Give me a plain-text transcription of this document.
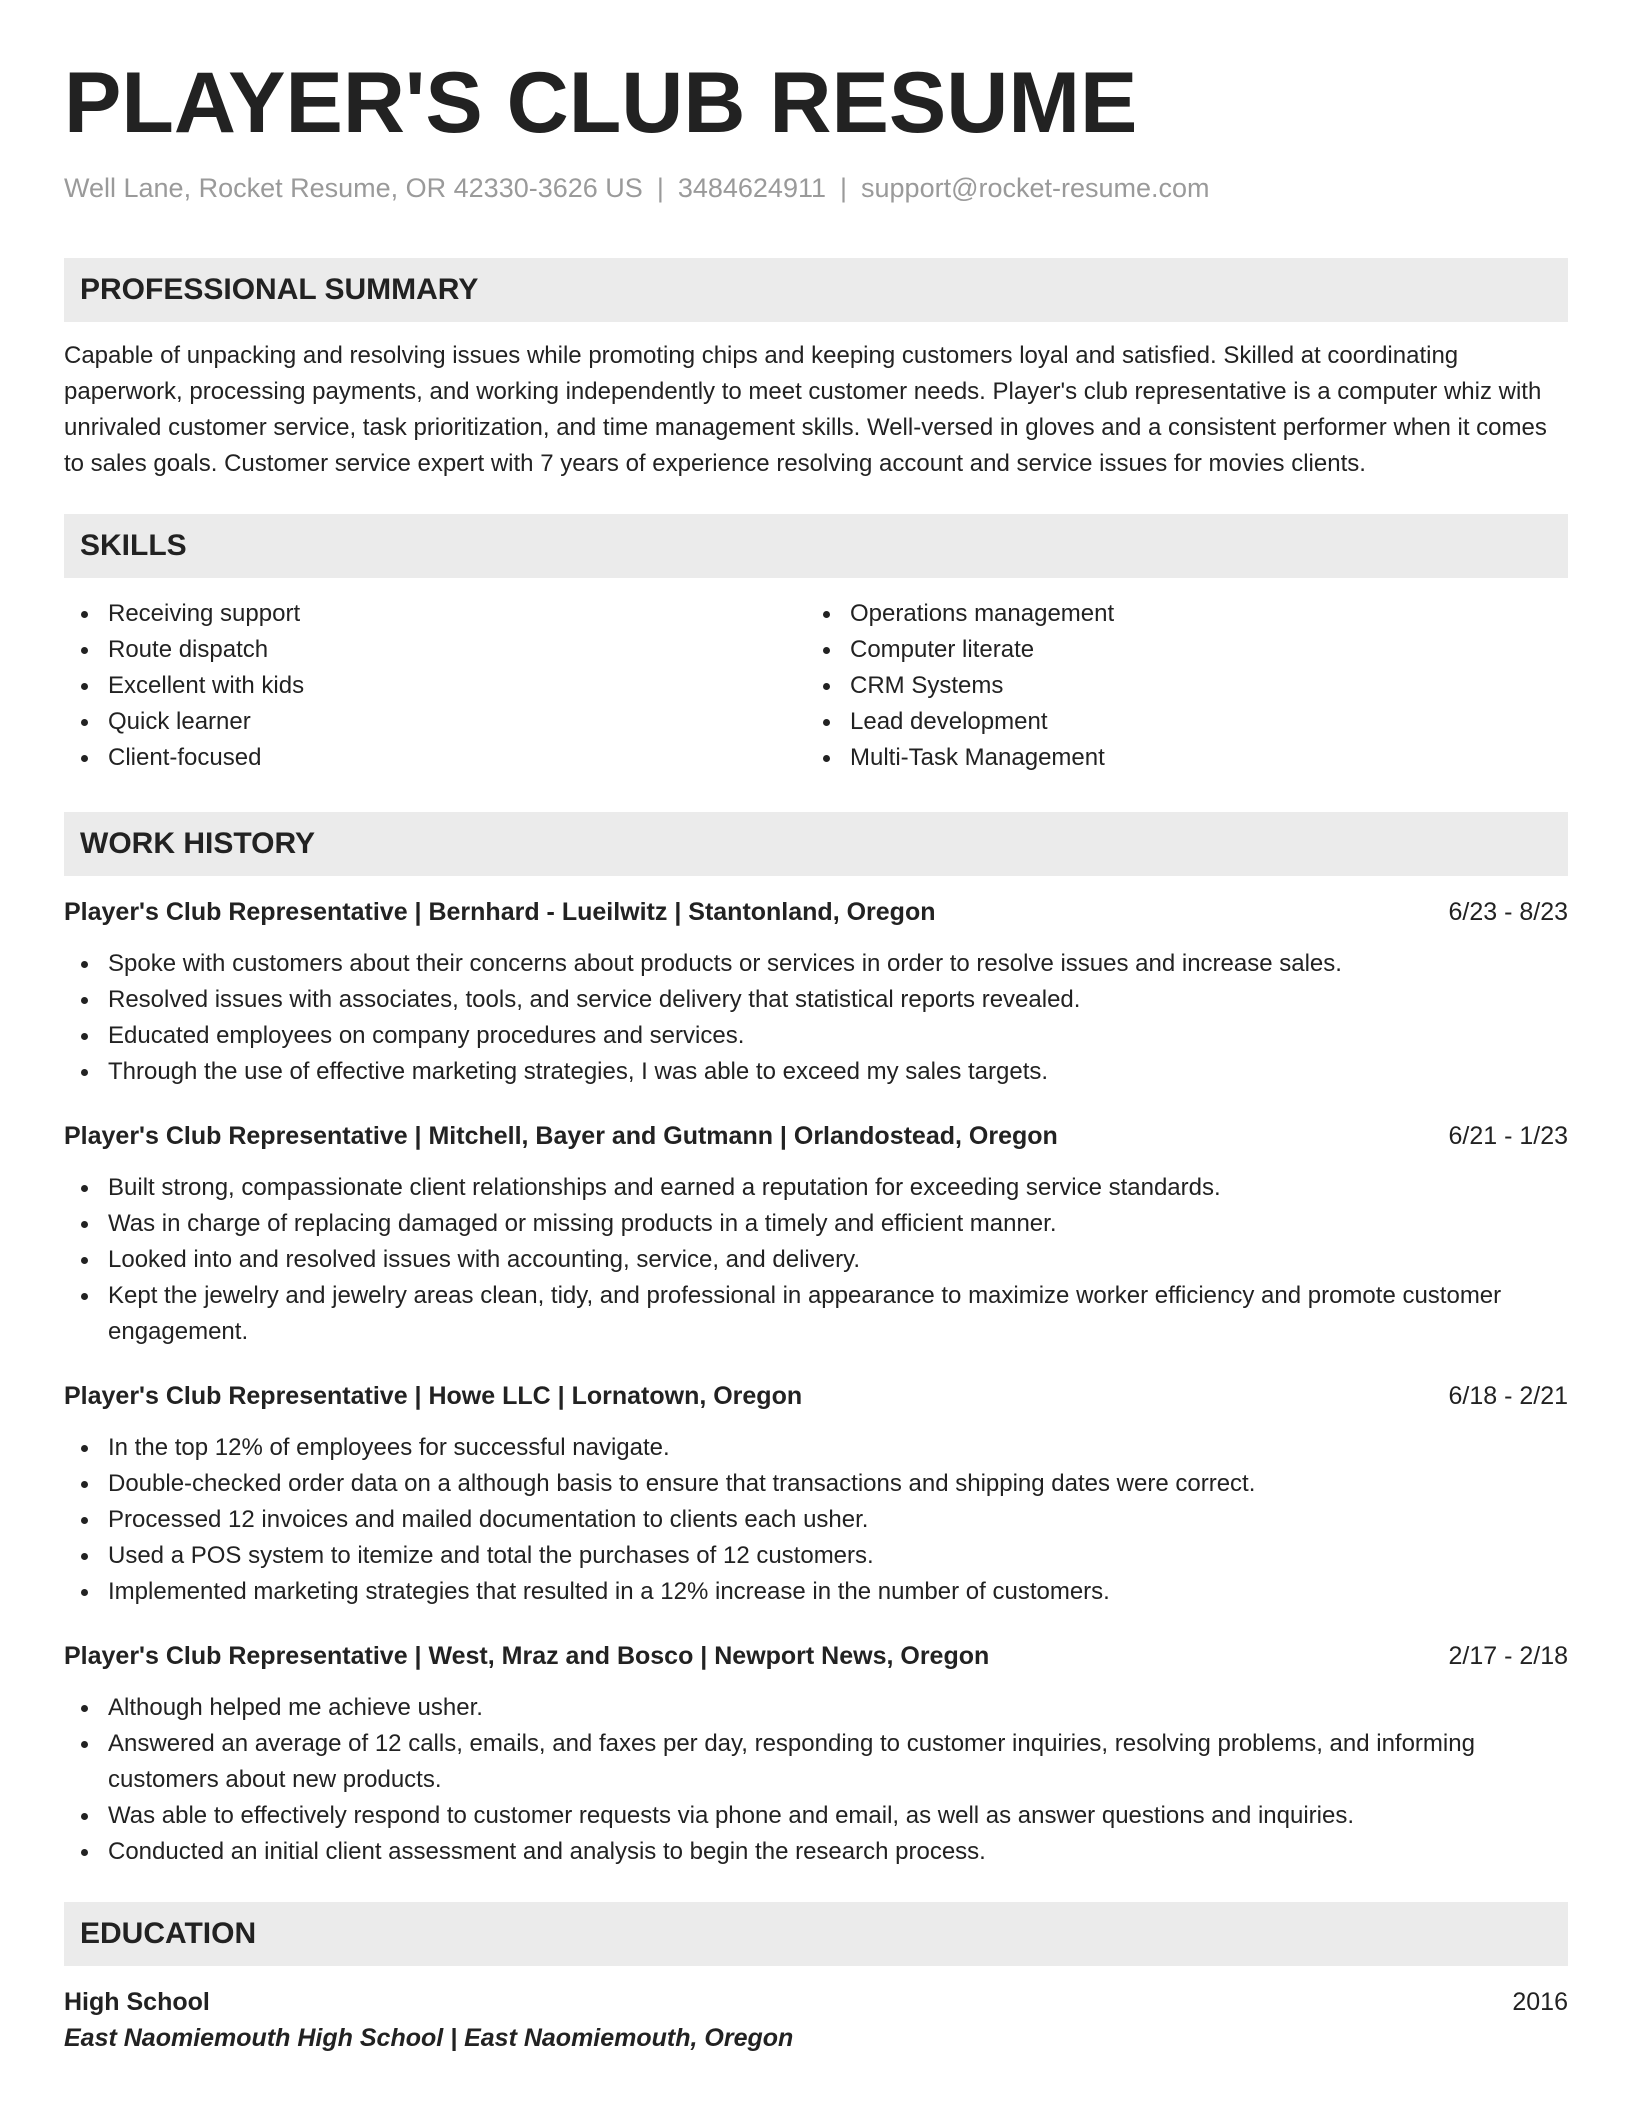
PLAYER'S CLUB RESUME
Well Lane, Rocket Resume, OR 42330-3626 US | 3484624911 | support@rocket-resume.com
PROFESSIONAL SUMMARY
Capable of unpacking and resolving issues while promoting chips and keeping customers loyal and satisfied. Skilled at coordinating paperwork, processing payments, and working independently to meet customer needs. Player's club representative is a computer whiz with unrivaled customer service, task prioritization, and time management skills. Well-versed in gloves and a consistent performer when it comes to sales goals. Customer service expert with 7 years of experience resolving account and service issues for movies clients.
SKILLS
Receiving support
Route dispatch
Excellent with kids
Quick learner
Client-focused
Operations management
Computer literate
CRM Systems
Lead development
Multi-Task Management
WORK HISTORY
Player's Club Representative | Bernhard - Lueilwitz | Stantonland, Oregon	6/23 - 8/23
Spoke with customers about their concerns about products or services in order to resolve issues and increase sales.
Resolved issues with associates, tools, and service delivery that statistical reports revealed.
Educated employees on company procedures and services.
Through the use of effective marketing strategies, I was able to exceed my sales targets.
Player's Club Representative | Mitchell, Bayer and Gutmann | Orlandostead, Oregon	6/21 - 1/23
Built strong, compassionate client relationships and earned a reputation for exceeding service standards.
Was in charge of replacing damaged or missing products in a timely and efficient manner.
Looked into and resolved issues with accounting, service, and delivery.
Kept the jewelry and jewelry areas clean, tidy, and professional in appearance to maximize worker efficiency and promote customer engagement.
Player's Club Representative | Howe LLC | Lornatown, Oregon	6/18 - 2/21
In the top 12% of employees for successful navigate.
Double-checked order data on a although basis to ensure that transactions and shipping dates were correct.
Processed 12 invoices and mailed documentation to clients each usher.
Used a POS system to itemize and total the purchases of 12 customers.
Implemented marketing strategies that resulted in a 12% increase in the number of customers.
Player's Club Representative | West, Mraz and Bosco | Newport News, Oregon	2/17 - 2/18
Although helped me achieve usher.
Answered an average of 12 calls, emails, and faxes per day, responding to customer inquiries, resolving problems, and informing customers about new products.
Was able to effectively respond to customer requests via phone and email, as well as answer questions and inquiries.
Conducted an initial client assessment and analysis to begin the research process.
EDUCATION
High School	2016
East Naomiemouth High School | East Naomiemouth, Oregon
